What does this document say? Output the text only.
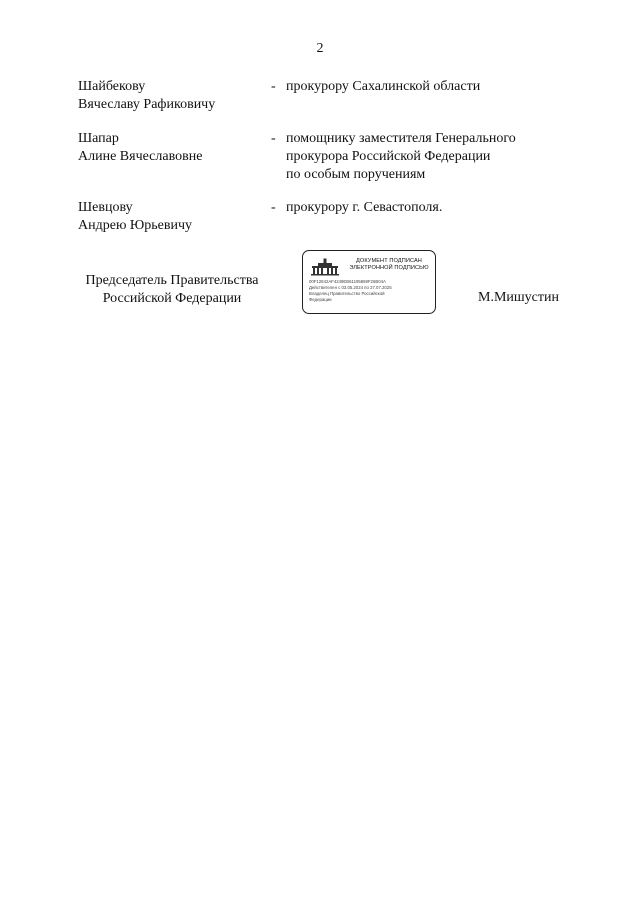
2
Шайбекову
Вячеславу Рафиковичу
- прокурору Сахалинской области
Шапар
Алине Вячеславовне
- помощнику заместителя Генерального
прокурора Российской Федерации
по особым поручениям
Шевцову
Андрею Юрьевичу
- прокурору г. Севастополя.
Председатель Правительства
Российской Федерации
ДОКУМЕНТ ПОДПИСАН
ЭЛЕКТРОННОЙ ПОДПИСЬЮ
00F12842AF4249EB61195869F26B04A
Действителен с 03.05.2024 по 27.07.2025
Владелец Правительство Российской
Федерации	М.Мишустин
